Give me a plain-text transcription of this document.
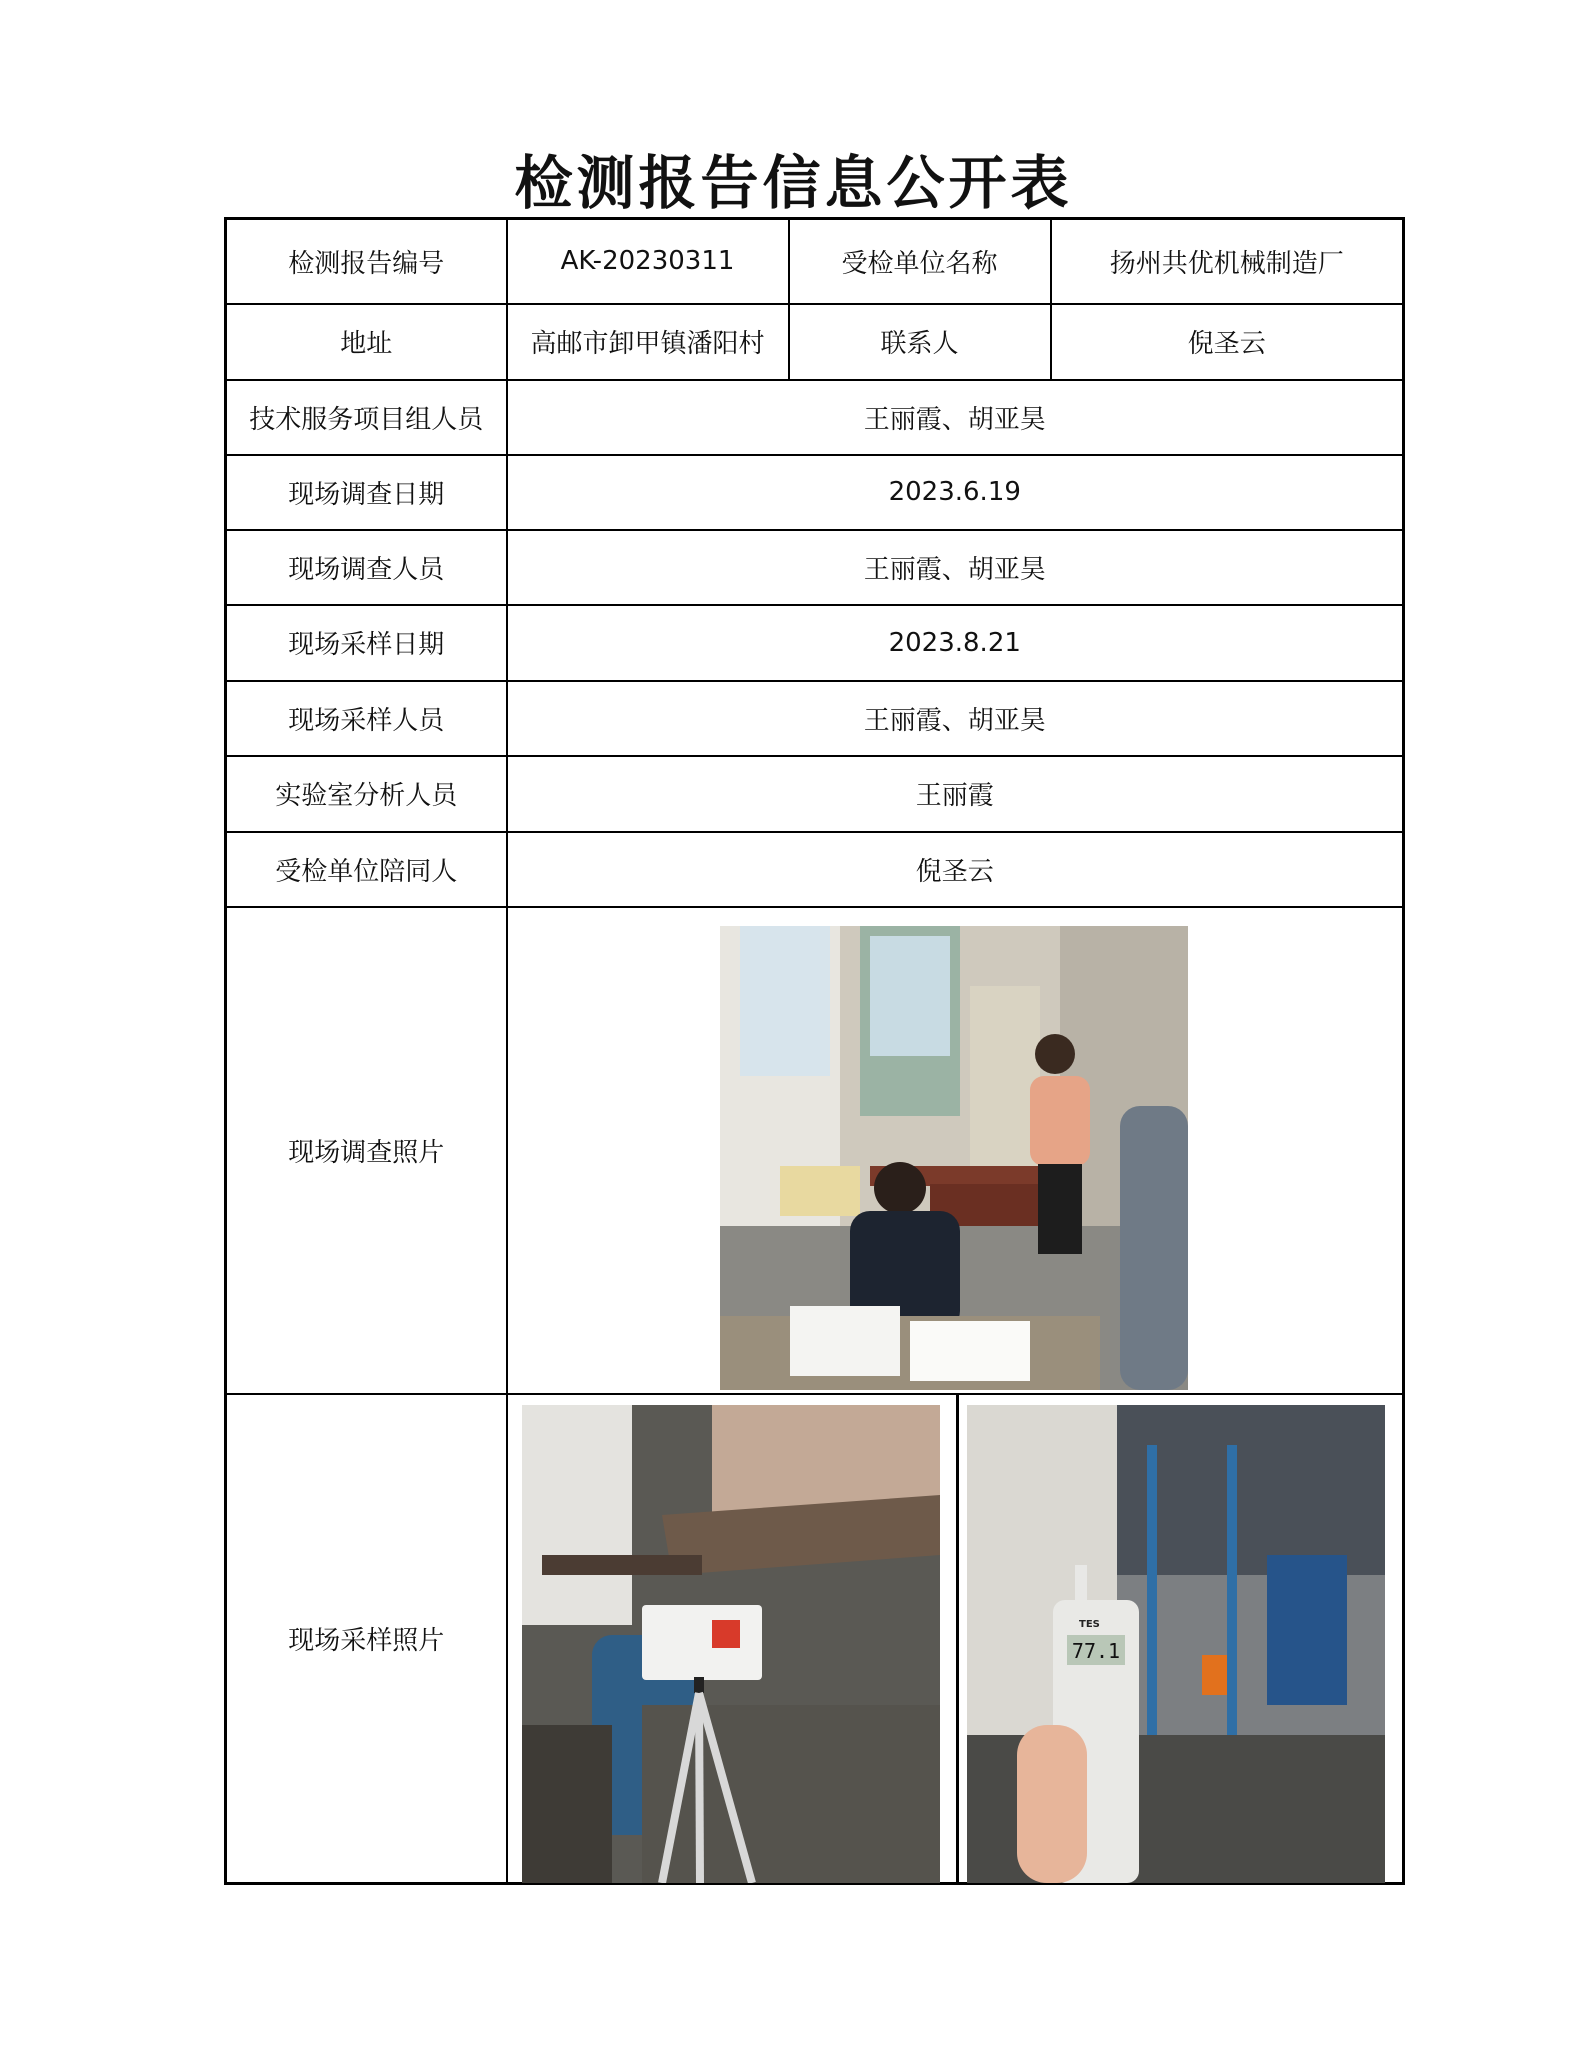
检测报告信息公开表
检测报告编号	AK-20230311	受检单位名称	扬州共优机械制造厂
地址	高邮市卸甲镇潘阳村	联系人	倪圣云
技术服务项目组人员	王丽霞、胡亚昊		
现场调查日期	2023.6.19		
现场调查人员	王丽霞、胡亚昊		
现场采样日期	2023.8.21		
现场采样人员	王丽霞、胡亚昊		
实验室分析人员	王丽霞		
受检单位陪同人	倪圣云		
现场调查照片	

现场采样照片	77.1
TES		
